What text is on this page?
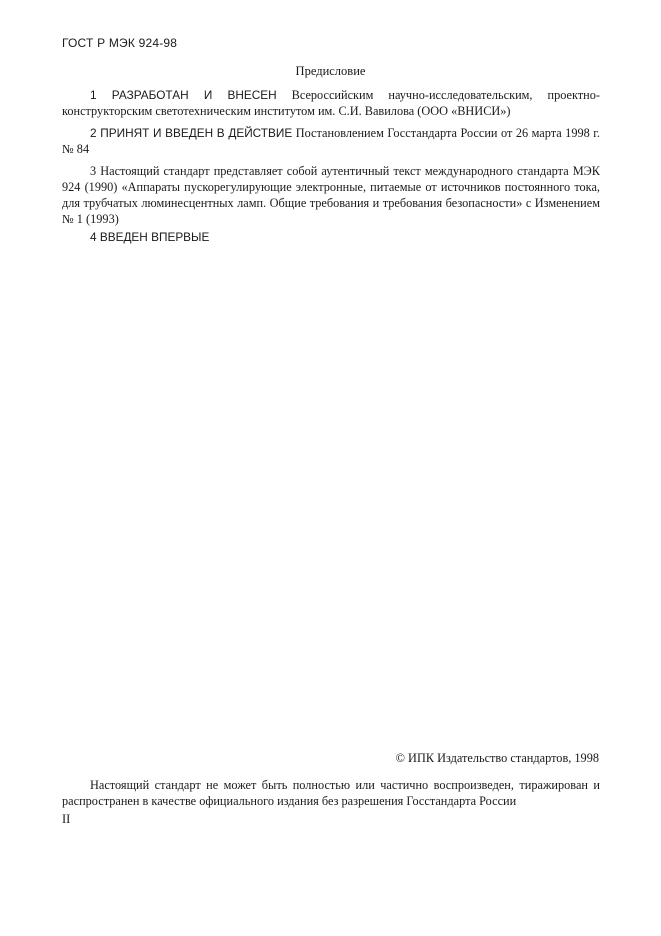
ГОСТ Р МЭК 924-98
Предисловие
1 РАЗРАБОТАН И ВНЕСЕН Всероссийским научно-исследовательским, проектно-конструкторским светотехническим институтом им. С.И. Вавилова (ООО «ВНИСИ»)
2 ПРИНЯТ И ВВЕДЕН В ДЕЙСТВИЕ Постановлением Госстандарта России от 26 марта 1998 г. № 84
3 Настоящий стандарт представляет собой аутентичный текст международного стандарта МЭК 924 (1990) «Аппараты пускорегулирующие электронные, питаемые от источников постоянного тока, для трубчатых люминесцентных ламп. Общие требования и требования безопасности» с Изменением № 1 (1993)
4 ВВЕДЕН ВПЕРВЫЕ
© ИПК Издательство стандартов, 1998
Настоящий стандарт не может быть полностью или частично воспроизведен, тиражирован и распространен в качестве официального издания без разрешения Госстандарта России
II
